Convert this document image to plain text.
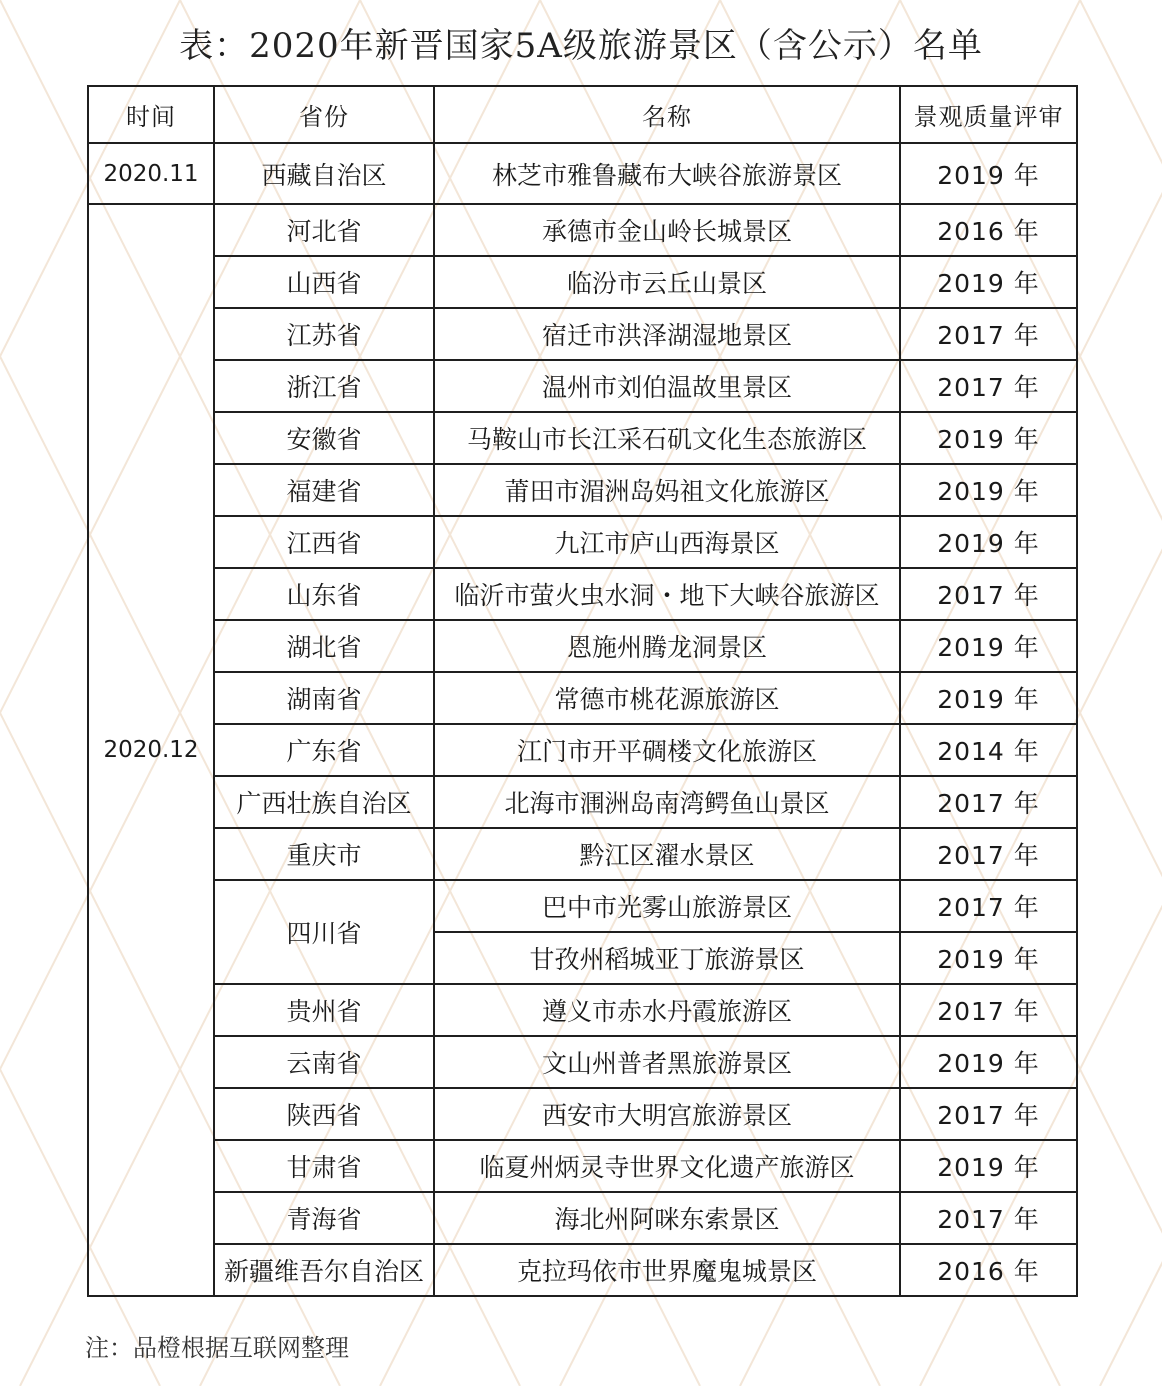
表：2020年新晋国家5A级旅游景区（含公示）名单
时间	省份	名称	景观质量评审
2020.11	西藏自治区	林芝市雅鲁藏布大峡谷旅游景区	2019 年
2020.12	河北省	承德市金山岭长城景区	2016 年
	山西省	临汾市云丘山景区	2019 年
	江苏省	宿迁市洪泽湖湿地景区	2017 年
	浙江省	温州市刘伯温故里景区	2017 年
	安徽省	马鞍山市长江采石矶文化生态旅游区	2019 年
	福建省	莆田市湄洲岛妈祖文化旅游区	2019 年
	江西省	九江市庐山西海景区	2019 年
	山东省	临沂市萤火虫水洞・地下大峡谷旅游区	2017 年
	湖北省	恩施州腾龙洞景区	2019 年
	湖南省	常德市桃花源旅游区	2019 年
	广东省	江门市开平碉楼文化旅游区	2014 年
	广西壮族自治区	北海市涠洲岛南湾鳄鱼山景区	2017 年
	重庆市	黔江区濯水景区	2017 年
	四川省	巴中市光雾山旅游景区	2017 年
		甘孜州稻城亚丁旅游景区	2019 年
	贵州省	遵义市赤水丹霞旅游区	2017 年
	云南省	文山州普者黑旅游景区	2019 年
	陕西省	西安市大明宫旅游景区	2017 年
	甘肃省	临夏州炳灵寺世界文化遗产旅游区	2019 年
	青海省	海北州阿咪东索景区	2017 年
	新疆维吾尔自治区	克拉玛依市世界魔鬼城景区	2016 年
注：品橙根据互联网整理
